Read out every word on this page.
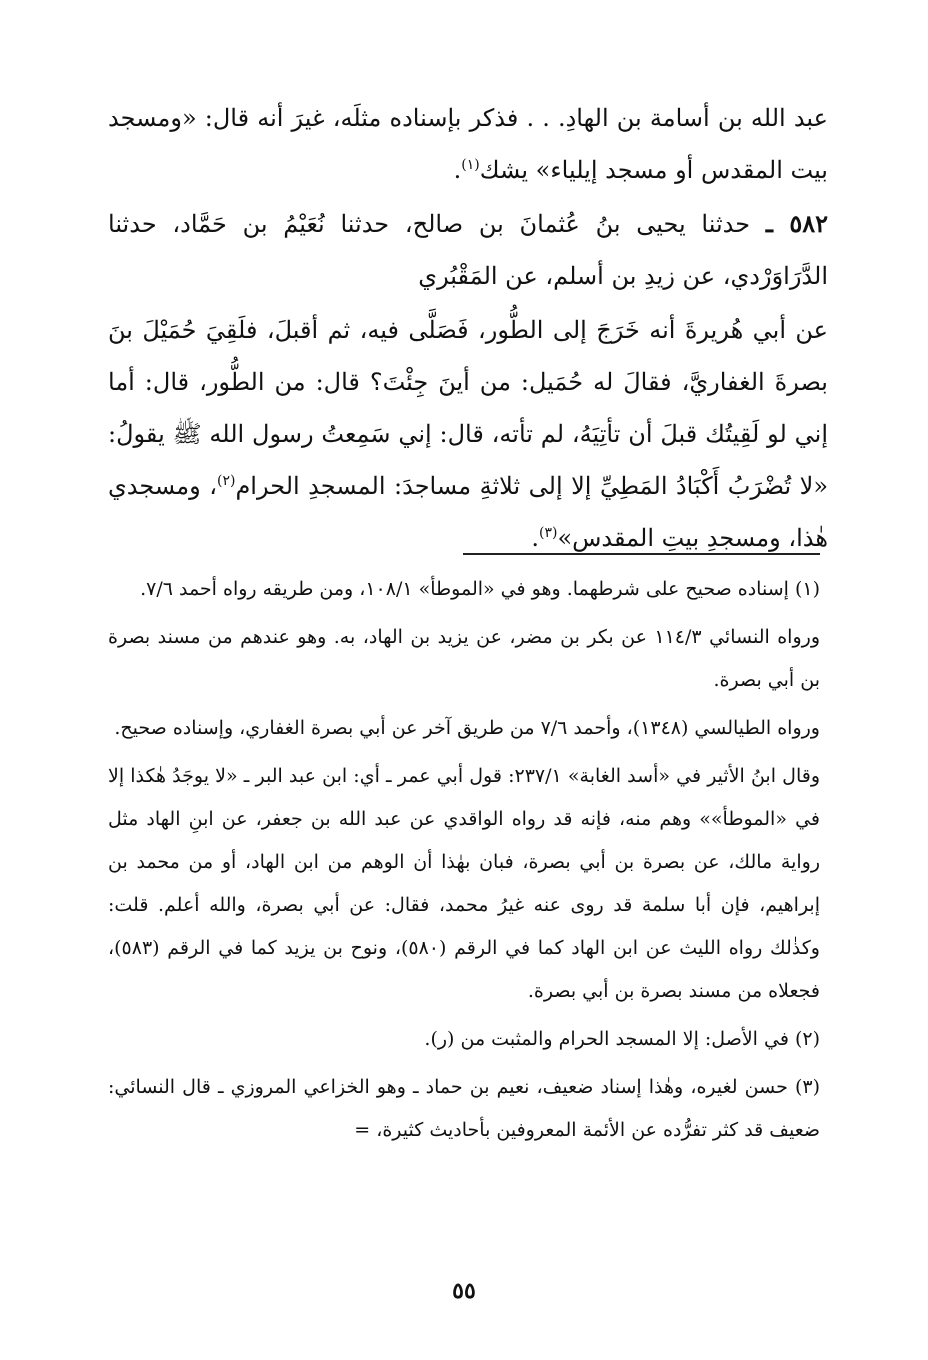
عبد الله بن أسامة بن الهادِ. . . فذكر بإسناده مثلَه، غيرَ أنه قال: «ومسجد بيت المقدس أو مسجد إيلياء» يشك$^{(١)}$.

٥٨٢ ـ حدثنا يحيى بنُ عُثمانَ بن صالح، حدثنا نُعَيْمُ بن حَمَّاد، حدثنا الدَّرَاوَرْدي، عن زيدِ بن أسلم، عن المَقْبُري

عن أبي هُريرةَ أنه خَرَجَ إلى الطُّور، فَصَلَّى فيه، ثم أقبلَ، فلَقِيَ حُمَيْلَ بنَ بصرةَ الغفاريَّ، فقالَ له حُمَيل: من أينَ جِئْتَ؟ قال: من الطُّور، قال: أما إني لو لَقِيتُك قبلَ أن تأتِيَهُ، لم تأته، قال: إني سَمِعتُ رسول الله ﷺ يقولُ: «لا تُضْرَبُ أَكْبَادُ المَطِيِّ إلا إلى ثلاثةِ مساجدَ: المسجدِ الحرام$^{(٢)}$، ومسجدي هٰذا، ومسجدِ بيتِ المقدس»$^{(٣)}$.

(١) إسناده صحيح على شرطهما. وهو في «الموطأ» ١٠٨/١، ومن طريقه رواه أحمد ٧/٦.

ورواه النسائي ١١٤/٣ عن بكر بن مضر، عن يزيد بن الهاد، به. وهو عندهم من مسند بصرة بن أبي بصرة.

ورواه الطيالسي (١٣٤٨)، وأحمد ٧/٦ من طريق آخر عن أبي بصرة الغفاري، وإسناده صحيح.

وقال ابنُ الأثير في «أسد الغابة» ٢٣٧/١: قول أبي عمر ـ أي: ابن عبد البر ـ «لا يوجَدُ هٰكذا إلا في «الموطأ»» وهم منه، فإنه قد رواه الواقدي عن عبد الله بن جعفر، عن ابنِ الهاد مثل رواية مالك، عن بصرة بن أبي بصرة، فبان بهٰذا أن الوهم من ابن الهاد، أو من محمد بن إبراهيم، فإن أبا سلمة قد روى عنه غيرُ محمد، فقال: عن أبي بصرة، والله أعلم. قلت: وكذٰلك رواه الليث عن ابن الهاد كما في الرقم (٥٨٠)، ونوح بن يزيد كما في الرقم (٥٨٣)، فجعلاه من مسند بصرة بن أبي بصرة.

(٢) في الأصل: إلا المسجد الحرام والمثبت من (ر).

(٣) حسن لغيره، وهٰذا إسناد ضعيف، نعيم بن حماد ـ وهو الخزاعي المروزي ـ قال النسائي: ضعيف قد كثر تفرُّده عن الأئمة المعروفين بأحاديث كثيرة، =

٥٥
